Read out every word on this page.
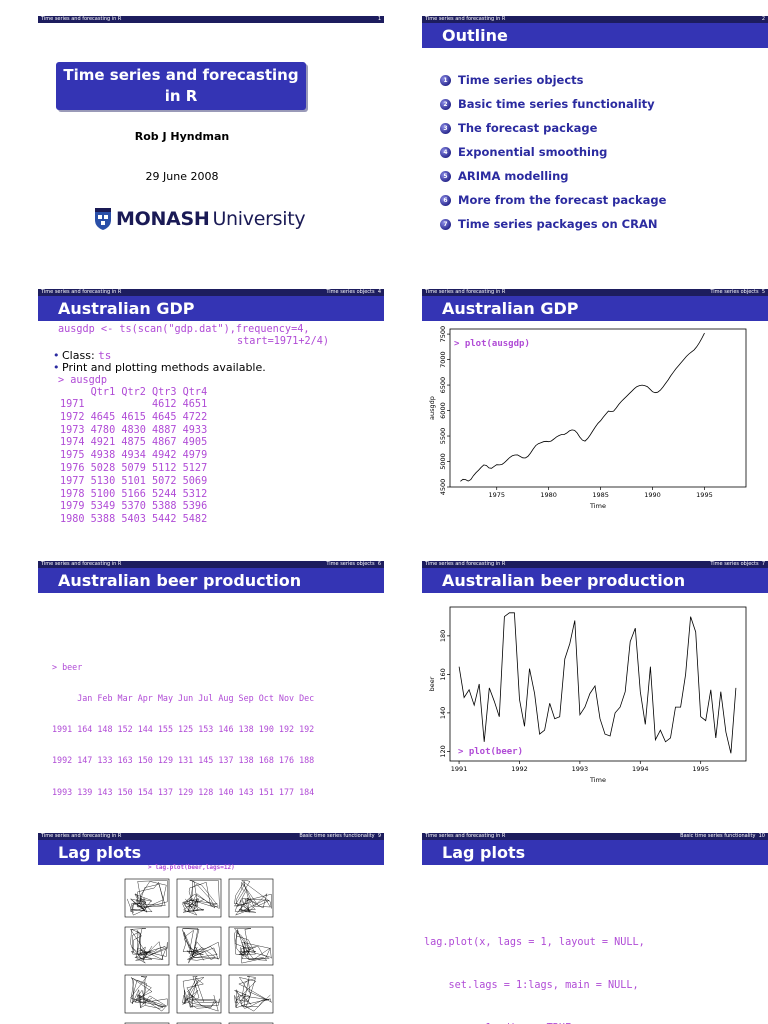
Time series and forecasting in R	1
Time series and forecasting
in R
Rob J Hyndman
29 June 2008
MONASH University
Time series and forecasting in R	2
Outline
1 Time series objects
2 Basic time series functionality
3 The forecast package
4 Exponential smoothing
5 ARIMA modelling
6 More from the forecast package
7 Time series packages on CRAN
Time series and forecasting in R	Time series objects 4
Australian GDP
ausgdp <- ts(scan("gdp.dat"),frequency=4,
start=1971+2/4)
• Class: ts
• Print and plotting methods available.
> ausgdp
Qtr1 Qtr2 Qtr3 Qtr4
1971           4612 4651
1972 4645 4615 4645 4722
1973 4780 4830 4887 4933
1974 4921 4875 4867 4905
1975 4938 4934 4942 4979
1976 5028 5079 5112 5127
1977 5130 5101 5072 5069
1978 5100 5166 5244 5312
1979 5349 5370 5388 5396
1980 5388 5403 5442 5482
Time series and forecasting in R	Time series objects 5
Australian GDP
1975	1980	1985	1990	1995
4500
5000
5500
6000
6500
7000
7500
Time
ausgdp
> plot(ausgdp)
Time series and forecasting in R	Time series objects 6
Australian beer production

> beer

Jan Feb Mar Apr May Jun Jul Aug Sep Oct Nov Dec

1991 164 148 152 144 155 125 153 146 138 190 192 192

1992 147 133 163 150 129 131 145 137 138 168 176 188

1993 139 143 150 154 137 129 128 140 143 151 177 184

Time series and forecasting in R	Time series objects 7
Australian beer production
1991	1992	1993	1994	1995
120
140
160
180
Time
beer
> plot(beer)
Time series and forecasting in R	Basic time series functionality 9
Lag plots
> lag.plot(beer,lags=12)
Time series and forecasting in R	Basic time series functionality 10
Lag plots

lag.plot(x, lags = 1, layout = NULL,

set.lags = 1:lags, main = NULL,
